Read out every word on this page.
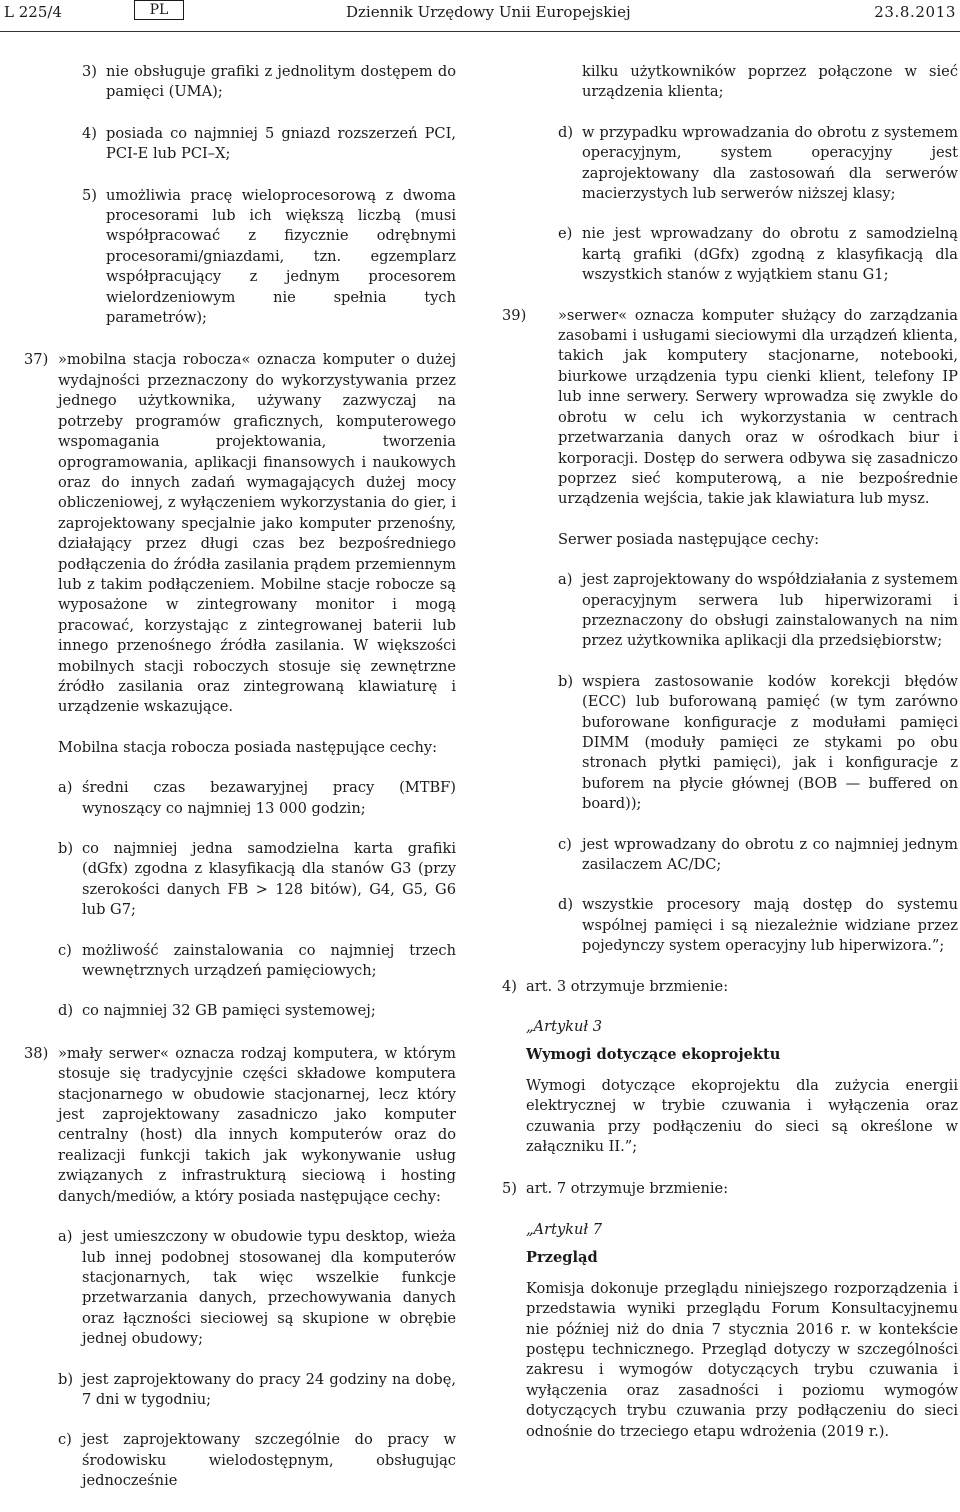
L 225/4	PL	Dziennik Urzędowy Unii Europejskiej	23.8.2013
3) nie obsługuje grafiki z jednolitym dostępem do pamięci (UMA);
4) posiada co najmniej 5 gniazd rozszerzeń PCI, PCI-E lub PCI–X;
5) umożliwia pracę wieloprocesorową z dwoma procesorami lub ich większą liczbą (musi współpracować z fizycznie odrębnymi procesorami/gniazdami, tzn. egzemplarz współpracujący z jednym procesorem wielordzeniowym nie spełnia tych parametrów);
37) »mobilna stacja robocza« oznacza komputer o dużej wydajności przeznaczony do wykorzystywania przez jednego użytkownika, używany zazwyczaj na potrzeby programów graficznych, komputerowego wspomagania projektowania, tworzenia oprogramowania, aplikacji finansowych i naukowych oraz do innych zadań wymagających dużej mocy obliczeniowej, z wyłączeniem wykorzystania do gier, i zaprojektowany specjalnie jako komputer przenośny, działający przez długi czas bez bezpośredniego podłączenia do źródła zasilania prądem przemiennym lub z takim podłączeniem. Mobilne stacje robocze są wyposażone w zintegrowany monitor i mogą pracować, korzystając z zintegrowanej baterii lub innego przenośnego źródła zasilania. W większości mobilnych stacji roboczych stosuje się zewnętrzne źródło zasilania oraz zintegrowaną klawiaturę i urządzenie wskazujące.
Mobilna stacja robocza posiada następujące cechy:
a) średni czas bezawaryjnej pracy (MTBF) wynoszący co najmniej 13 000 godzin;
b) co najmniej jedna samodzielna karta grafiki (dGfx) zgodna z klasyfikacją dla stanów G3 (przy szerokości danych FB > 128 bitów), G4, G5, G6 lub G7;
c) możliwość zainstalowania co najmniej trzech wewnętrznych urządzeń pamięciowych;
d) co najmniej 32 GB pamięci systemowej;
38) »mały serwer« oznacza rodzaj komputera, w którym stosuje się tradycyjnie części składowe komputera stacjonarnego w obudowie stacjonarnej, lecz który jest zaprojektowany zasadniczo jako komputer centralny (host) dla innych komputerów oraz do realizacji funkcji takich jak wykonywanie usług związanych z infrastrukturą sieciową i hosting danych/mediów, a który posiada następujące cechy:
a) jest umieszczony w obudowie typu desktop, wieża lub innej podobnej stosowanej dla komputerów stacjonarnych, tak więc wszelkie funkcje przetwarzania danych, przechowywania danych oraz łączności sieciowej są skupione w obrębie jednej obudowy;
b) jest zaprojektowany do pracy 24 godziny na dobę, 7 dni w tygodniu;
c) jest zaprojektowany szczególnie do pracy w środowisku wielodostępnym, obsługując jednocześnie
kilku użytkowników poprzez połączone w sieć urządzenia klienta;
d) w przypadku wprowadzania do obrotu z systemem operacyjnym, system operacyjny jest zaprojektowany dla zastosowań dla serwerów macierzystych lub serwerów niższej klasy;
e) nie jest wprowadzany do obrotu z samodzielną kartą grafiki (dGfx) zgodną z klasyfikacją dla wszystkich stanów z wyjątkiem stanu G1;
39) »serwer« oznacza komputer służący do zarządzania zasobami i usługami sieciowymi dla urządzeń klienta, takich jak komputery stacjonarne, notebooki, biurkowe urządzenia typu cienki klient, telefony IP lub inne serwery. Serwery wprowadza się zwykle do obrotu w celu ich wykorzystania w centrach przetwarzania danych oraz w ośrodkach biur i korporacji. Dostęp do serwera odbywa się zasadniczo poprzez sieć komputerową, a nie bezpośrednie urządzenia wejścia, takie jak klawiatura lub mysz.
Serwer posiada następujące cechy:
a) jest zaprojektowany do współdziałania z systemem operacyjnym serwera lub hiperwizorami i przeznaczony do obsługi zainstalowanych na nim przez użytkownika aplikacji dla przedsiębiorstw;
b) wspiera zastosowanie kodów korekcji błędów (ECC) lub buforowaną pamięć (w tym zarówno buforowane konfiguracje z modułami pamięci DIMM (moduły pamięci ze stykami po obu stronach płytki pamięci), jak i konfiguracje z buforem na płycie głównej (BOB — buffered on board));
c) jest wprowadzany do obrotu z co najmniej jednym zasilaczem AC/DC;
d) wszystkie procesory mają dostęp do systemu wspólnej pamięci i są niezależnie widziane przez pojedynczy system operacyjny lub hiperwizora.”;
4) art. 3 otrzymuje brzmienie:
„Artykuł 3
Wymogi dotyczące ekoprojektu
Wymogi dotyczące ekoprojektu dla zużycia energii elektrycznej w trybie czuwania i wyłączenia oraz czuwania przy podłączeniu do sieci są określone w załączniku II.”;
5) art. 7 otrzymuje brzmienie:
„Artykuł 7
Przegląd
Komisja dokonuje przeglądu niniejszego rozporządzenia i przedstawia wyniki przeglądu Forum Konsultacyjnemu nie później niż do dnia 7 stycznia 2016 r. w kontekście postępu technicznego. Przegląd dotyczy w szczególności zakresu i wymogów dotyczących trybu czuwania i wyłączenia oraz zasadności i poziomu wymogów dotyczących trybu czuwania przy podłączeniu do sieci odnośnie do trzeciego etapu wdrożenia (2019 r.).
